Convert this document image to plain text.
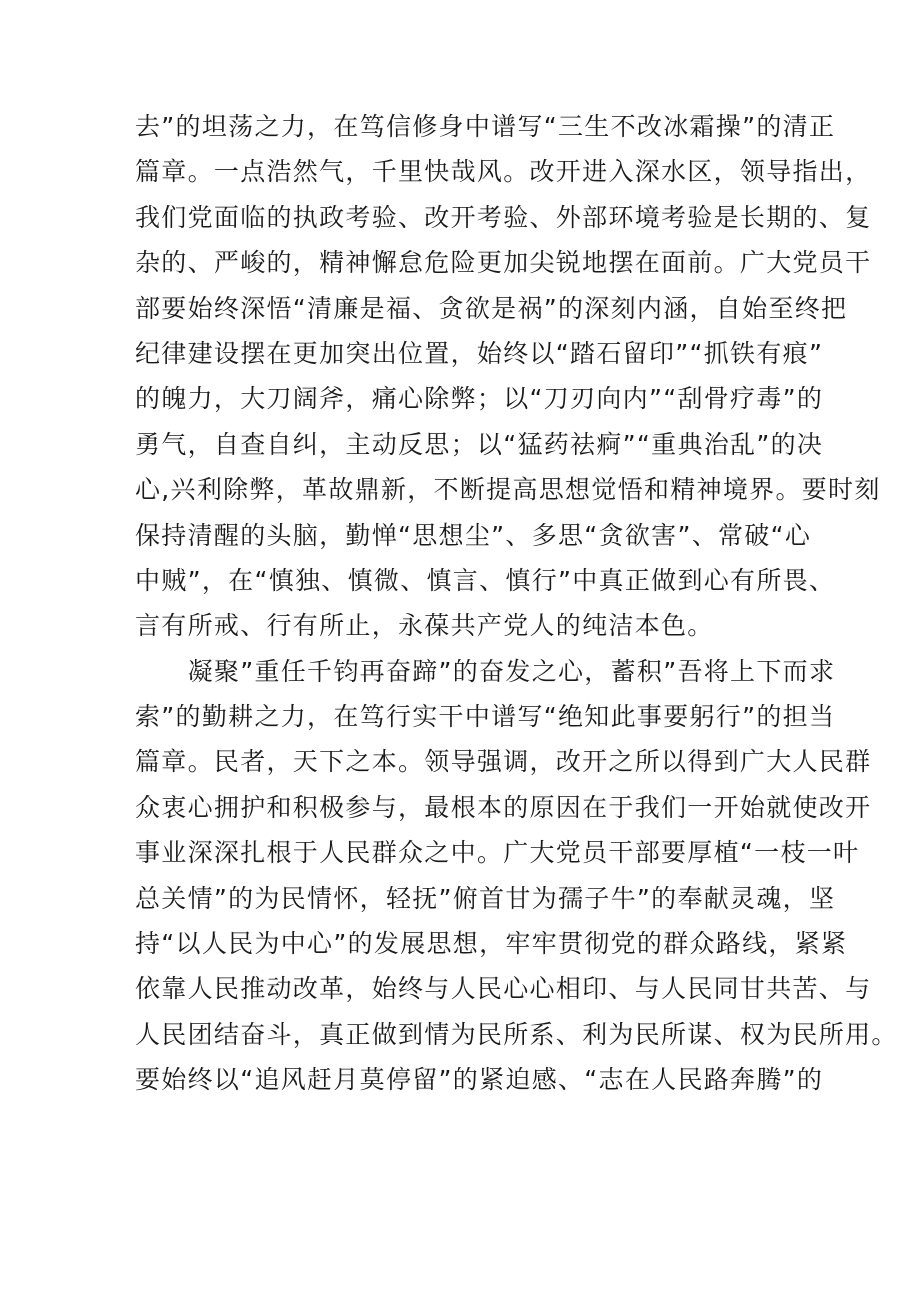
去”的坦荡之力，在笃信修身中谱写“三生不改冰霜操”的清正
篇章。一点浩然气，千里快哉风。改开进入深水区，领导指出，
我们党面临的执政考验、改开考验、外部环境考验是长期的、复
杂的、严峻的，精神懈怠危险更加尖锐地摆在面前。广大党员干
部要始终深悟“清廉是福、贪欲是祸”的深刻内涵，自始至终把
纪律建设摆在更加突出位置，始终以“踏石留印”“抓铁有痕”
的魄力，大刀阔斧，痛心除弊；以“刀刃向内”“刮骨疗毒”的
勇气，自查自纠，主动反思；以“猛药祛痾”“重典治乱”的决
心,兴利除弊，革故鼎新，不断提高思想觉悟和精神境界。要时刻
保持清醒的头脑，勤惮“思想尘”、多思“贪欲害”、常破“心
中贼”，在“慎独、慎微、慎言、慎行”中真正做到心有所畏、
言有所戒、行有所止，永葆共产党人的纯洁本色。
　　凝聚”重任千钧再奋蹄”的奋发之心，蓄积”吾将上下而求
索”的勤耕之力，在笃行实干中谱写“绝知此事要躬行”的担当
篇章。民者，天下之本。领导强调，改开之所以得到广大人民群
众衷心拥护和积极参与，最根本的原因在于我们一开始就使改开
事业深深扎根于人民群众之中。广大党员干部要厚植“一枝一叶
总关情”的为民情怀，轻抚”俯首甘为孺子牛”的奉献灵魂，坚
持“以人民为中心”的发展思想，牢牢贯彻党的群众路线，紧紧
依靠人民推动改革，始终与人民心心相印、与人民同甘共苦、与
人民团结奋斗，真正做到情为民所系、利为民所谋、权为民所用。
要始终以“追风赶月莫停留”的紧迫感、“志在人民路奔腾”的
